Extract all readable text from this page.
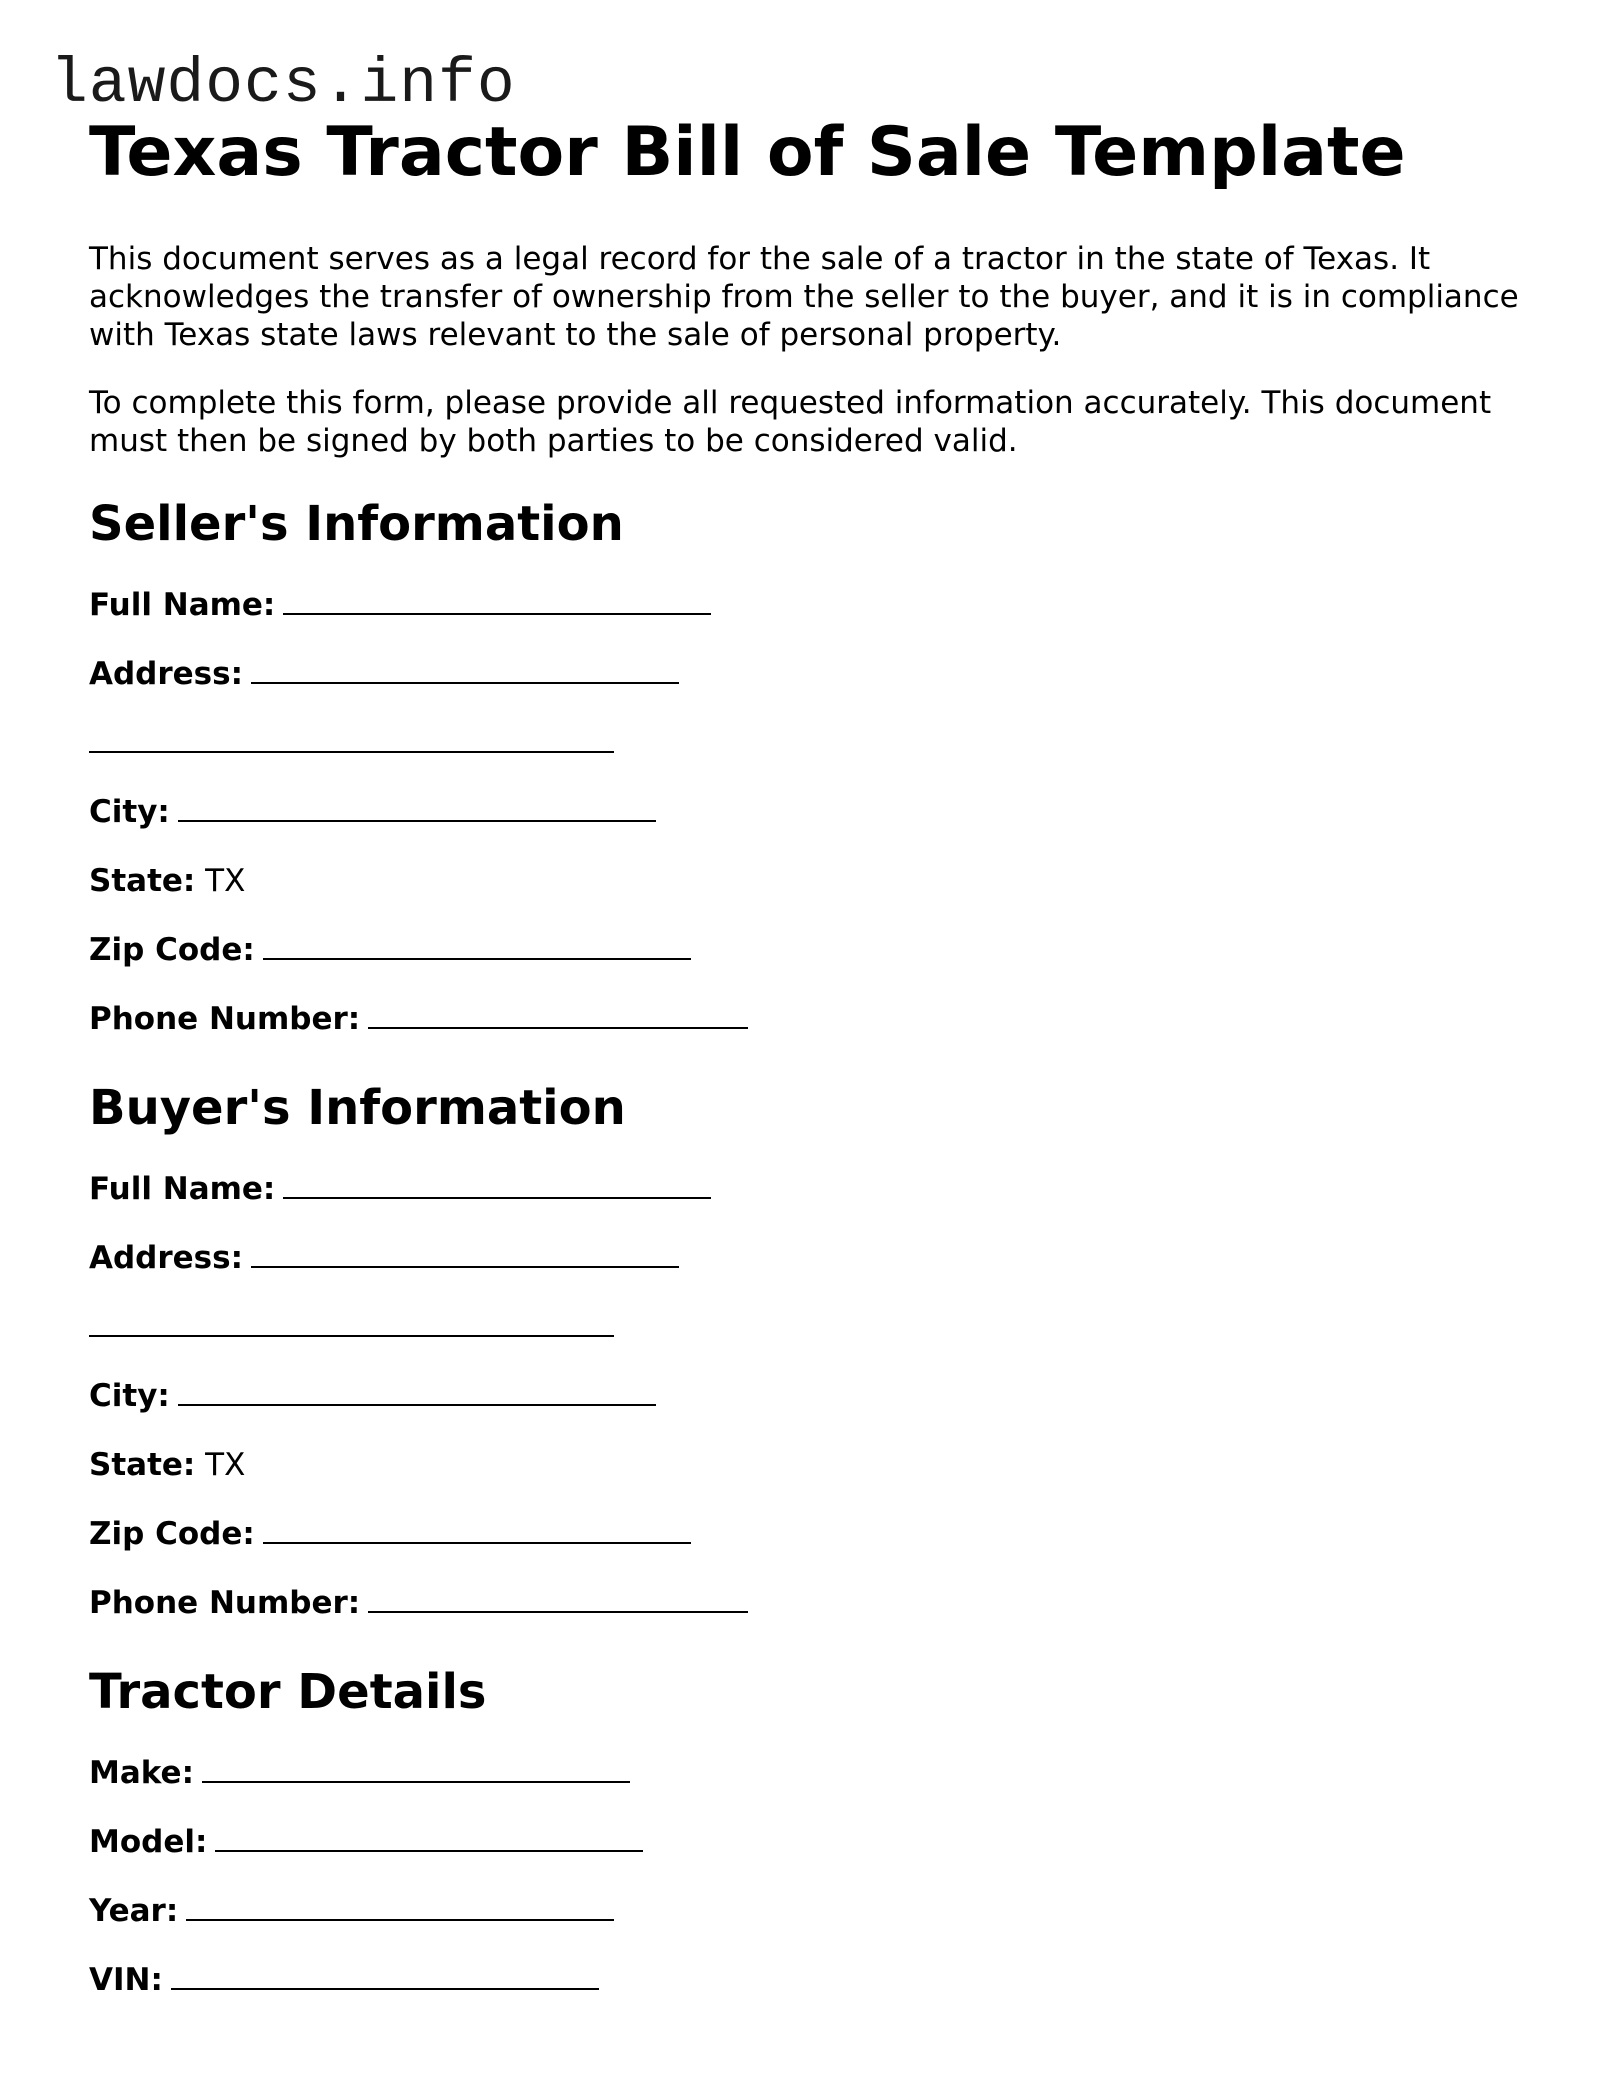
lawdocs.info
Texas Tractor Bill of Sale Template

This document serves as a legal record for the sale of a tractor in the state of Texas. It acknowledges the transfer of ownership from the seller to the buyer, and it is in compliance with Texas state laws relevant to the sale of personal property.

To complete this form, please provide all requested information accurately. This document must then be signed by both parties to be considered valid.

Seller's Information
Full Name:
Address:
City:
State: TX
Zip Code:
Phone Number:
Buyer's Information
Full Name:
Address:
City:
State: TX
Zip Code:
Phone Number:
Tractor Details
Make:
Model:
Year:
VIN:
